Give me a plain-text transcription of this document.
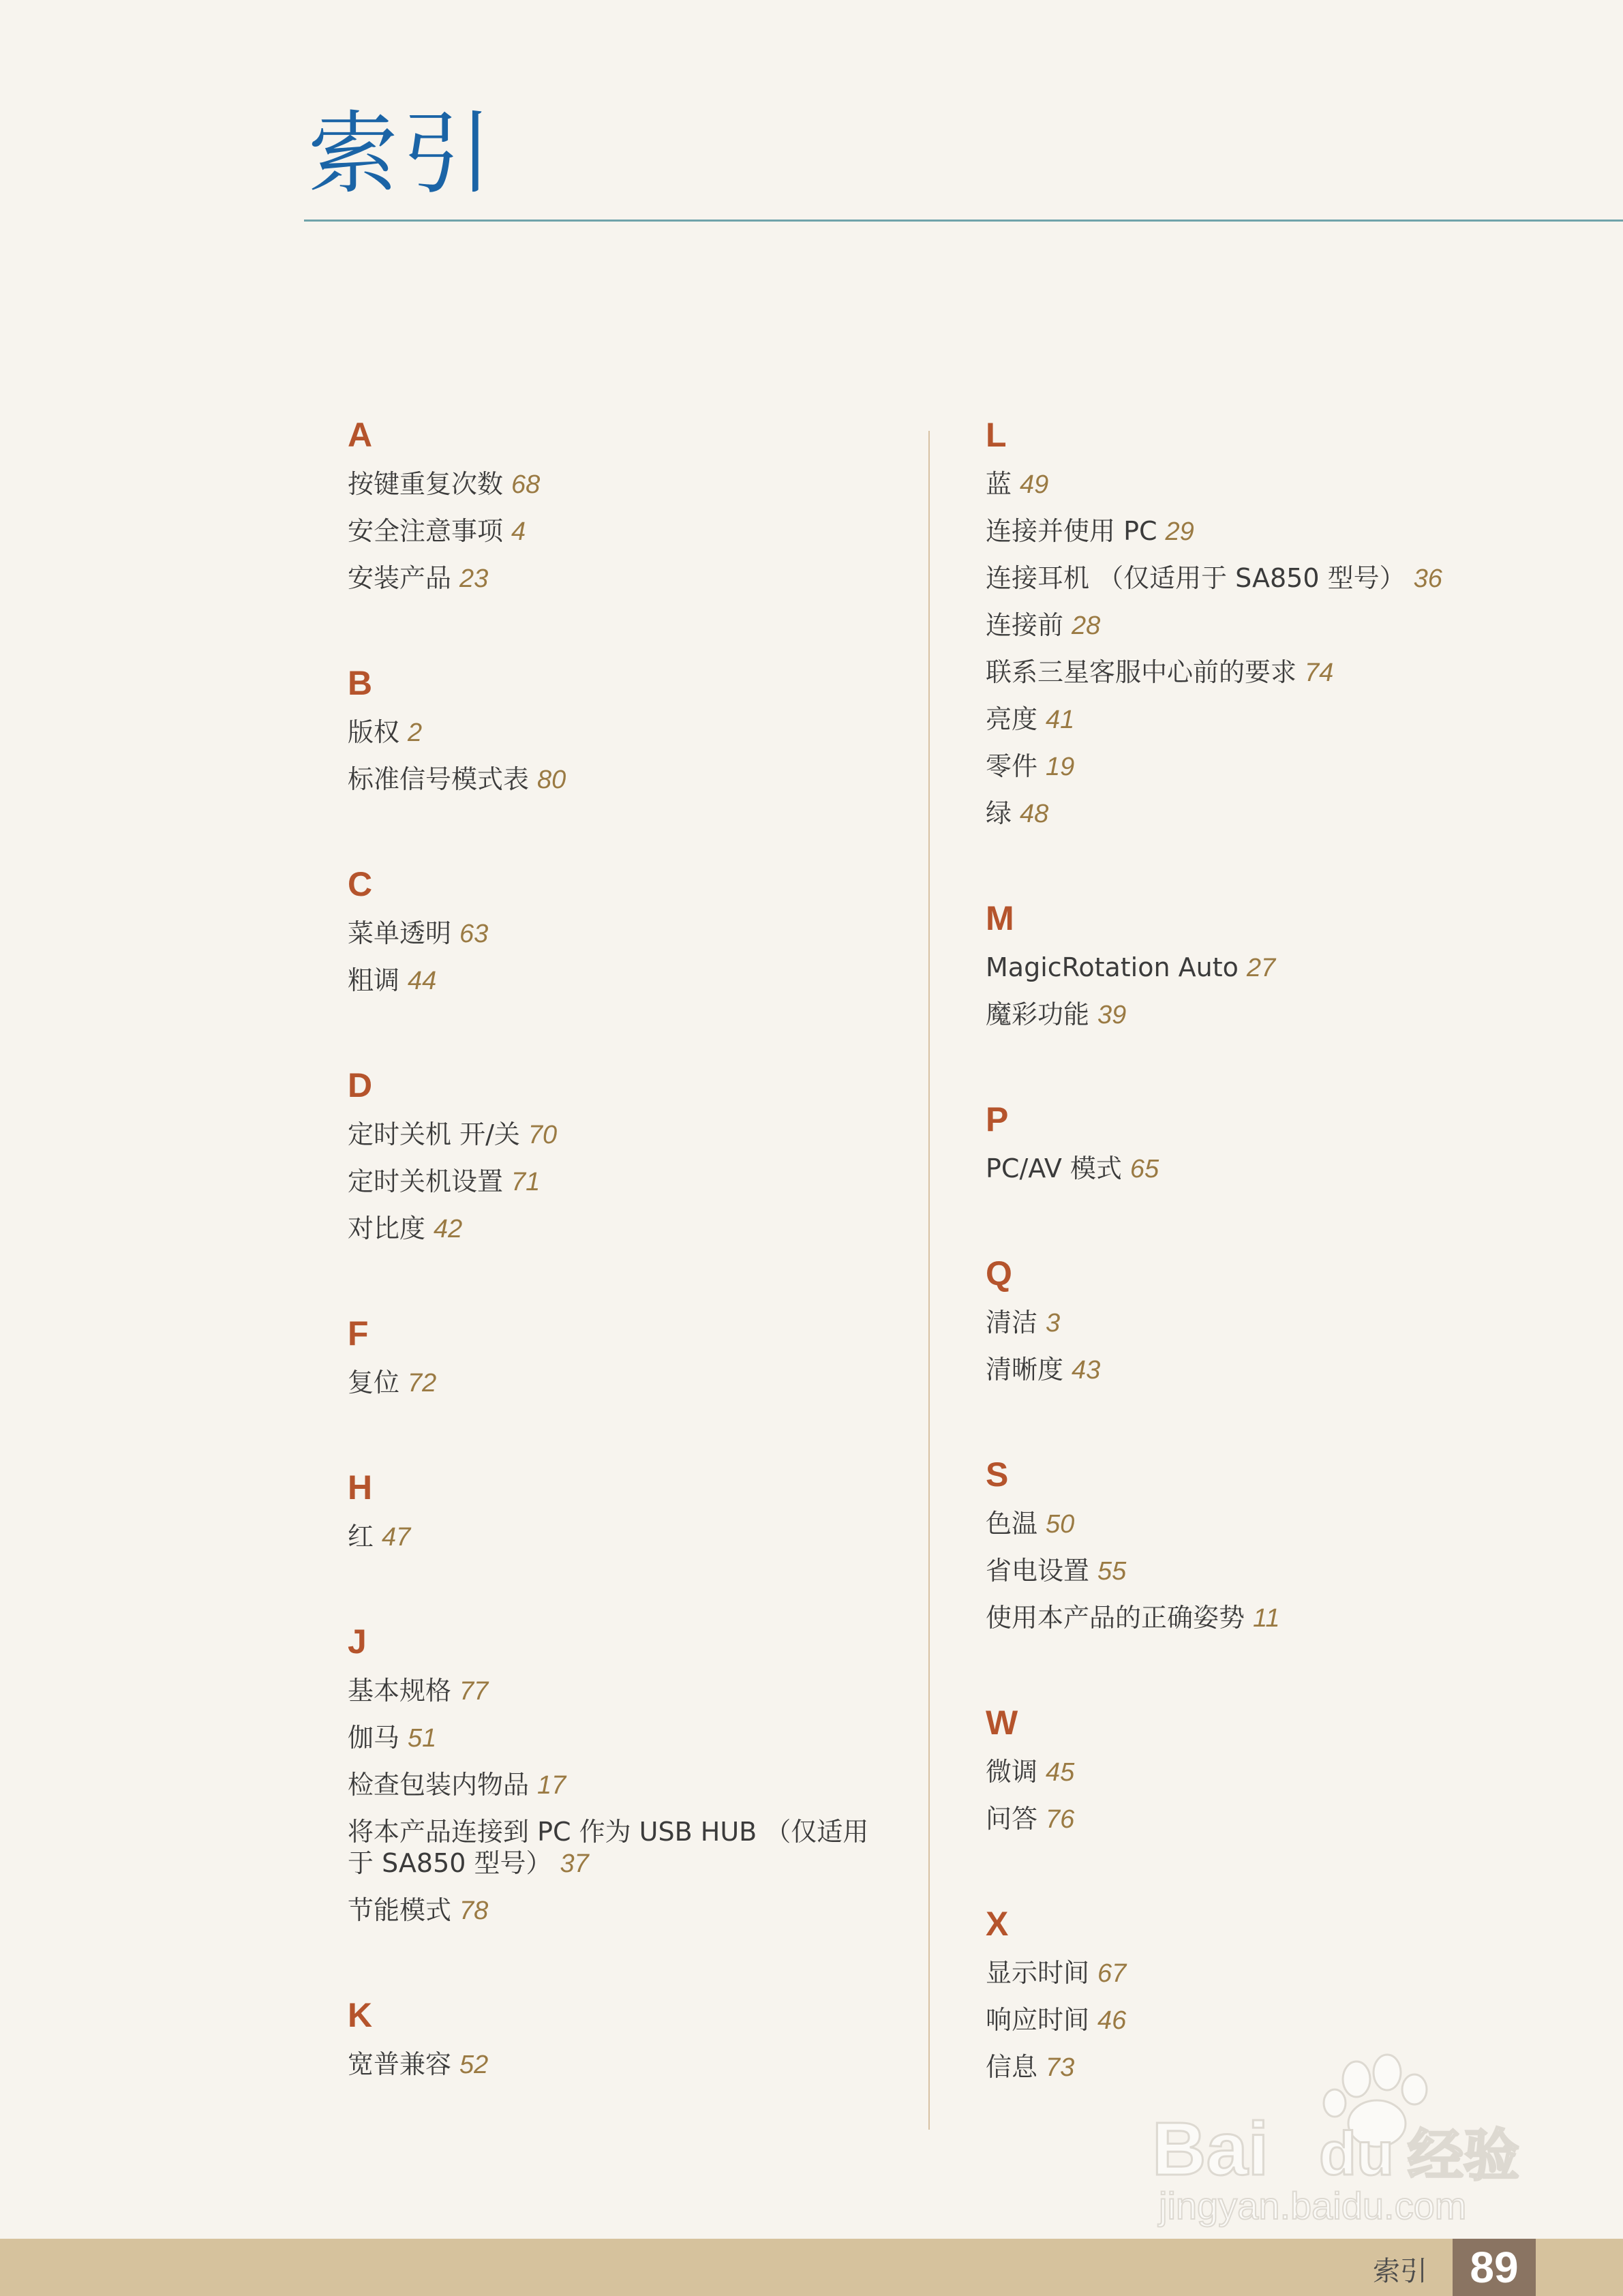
索引
A
按键重复次数 68
安全注意事项 4
安装产品 23
B
版权 2
标准信号模式表 80
C
菜单透明 63
粗调 44
D
定时关机 开/关 70
定时关机设置 71
对比度 42
F
复位 72
H
红 47
J
基本规格 77
伽马 51
检查包装内物品 17
将本产品连接到 PC 作为 USB HUB （仅适用于 SA850 型号） 37
节能模式 78
K
宽普兼容 52
L
蓝 49
连接并使用 PC 29
连接耳机 （仅适用于 SA850 型号） 36
连接前 28
联系三星客服中心前的要求 74
亮度 41
零件 19
绿 48
M
MagicRotation Auto 27
魔彩功能 39
P
PC/AV 模式 65
Q
清洁 3
清晰度 43
S
色温 50
省电设置 55
使用本产品的正确姿势 11
W
微调 45
问答 76
X
显示时间 67
响应时间 46
信息 73
Bai du 经验
jingyan.baidu.com
索引 89
